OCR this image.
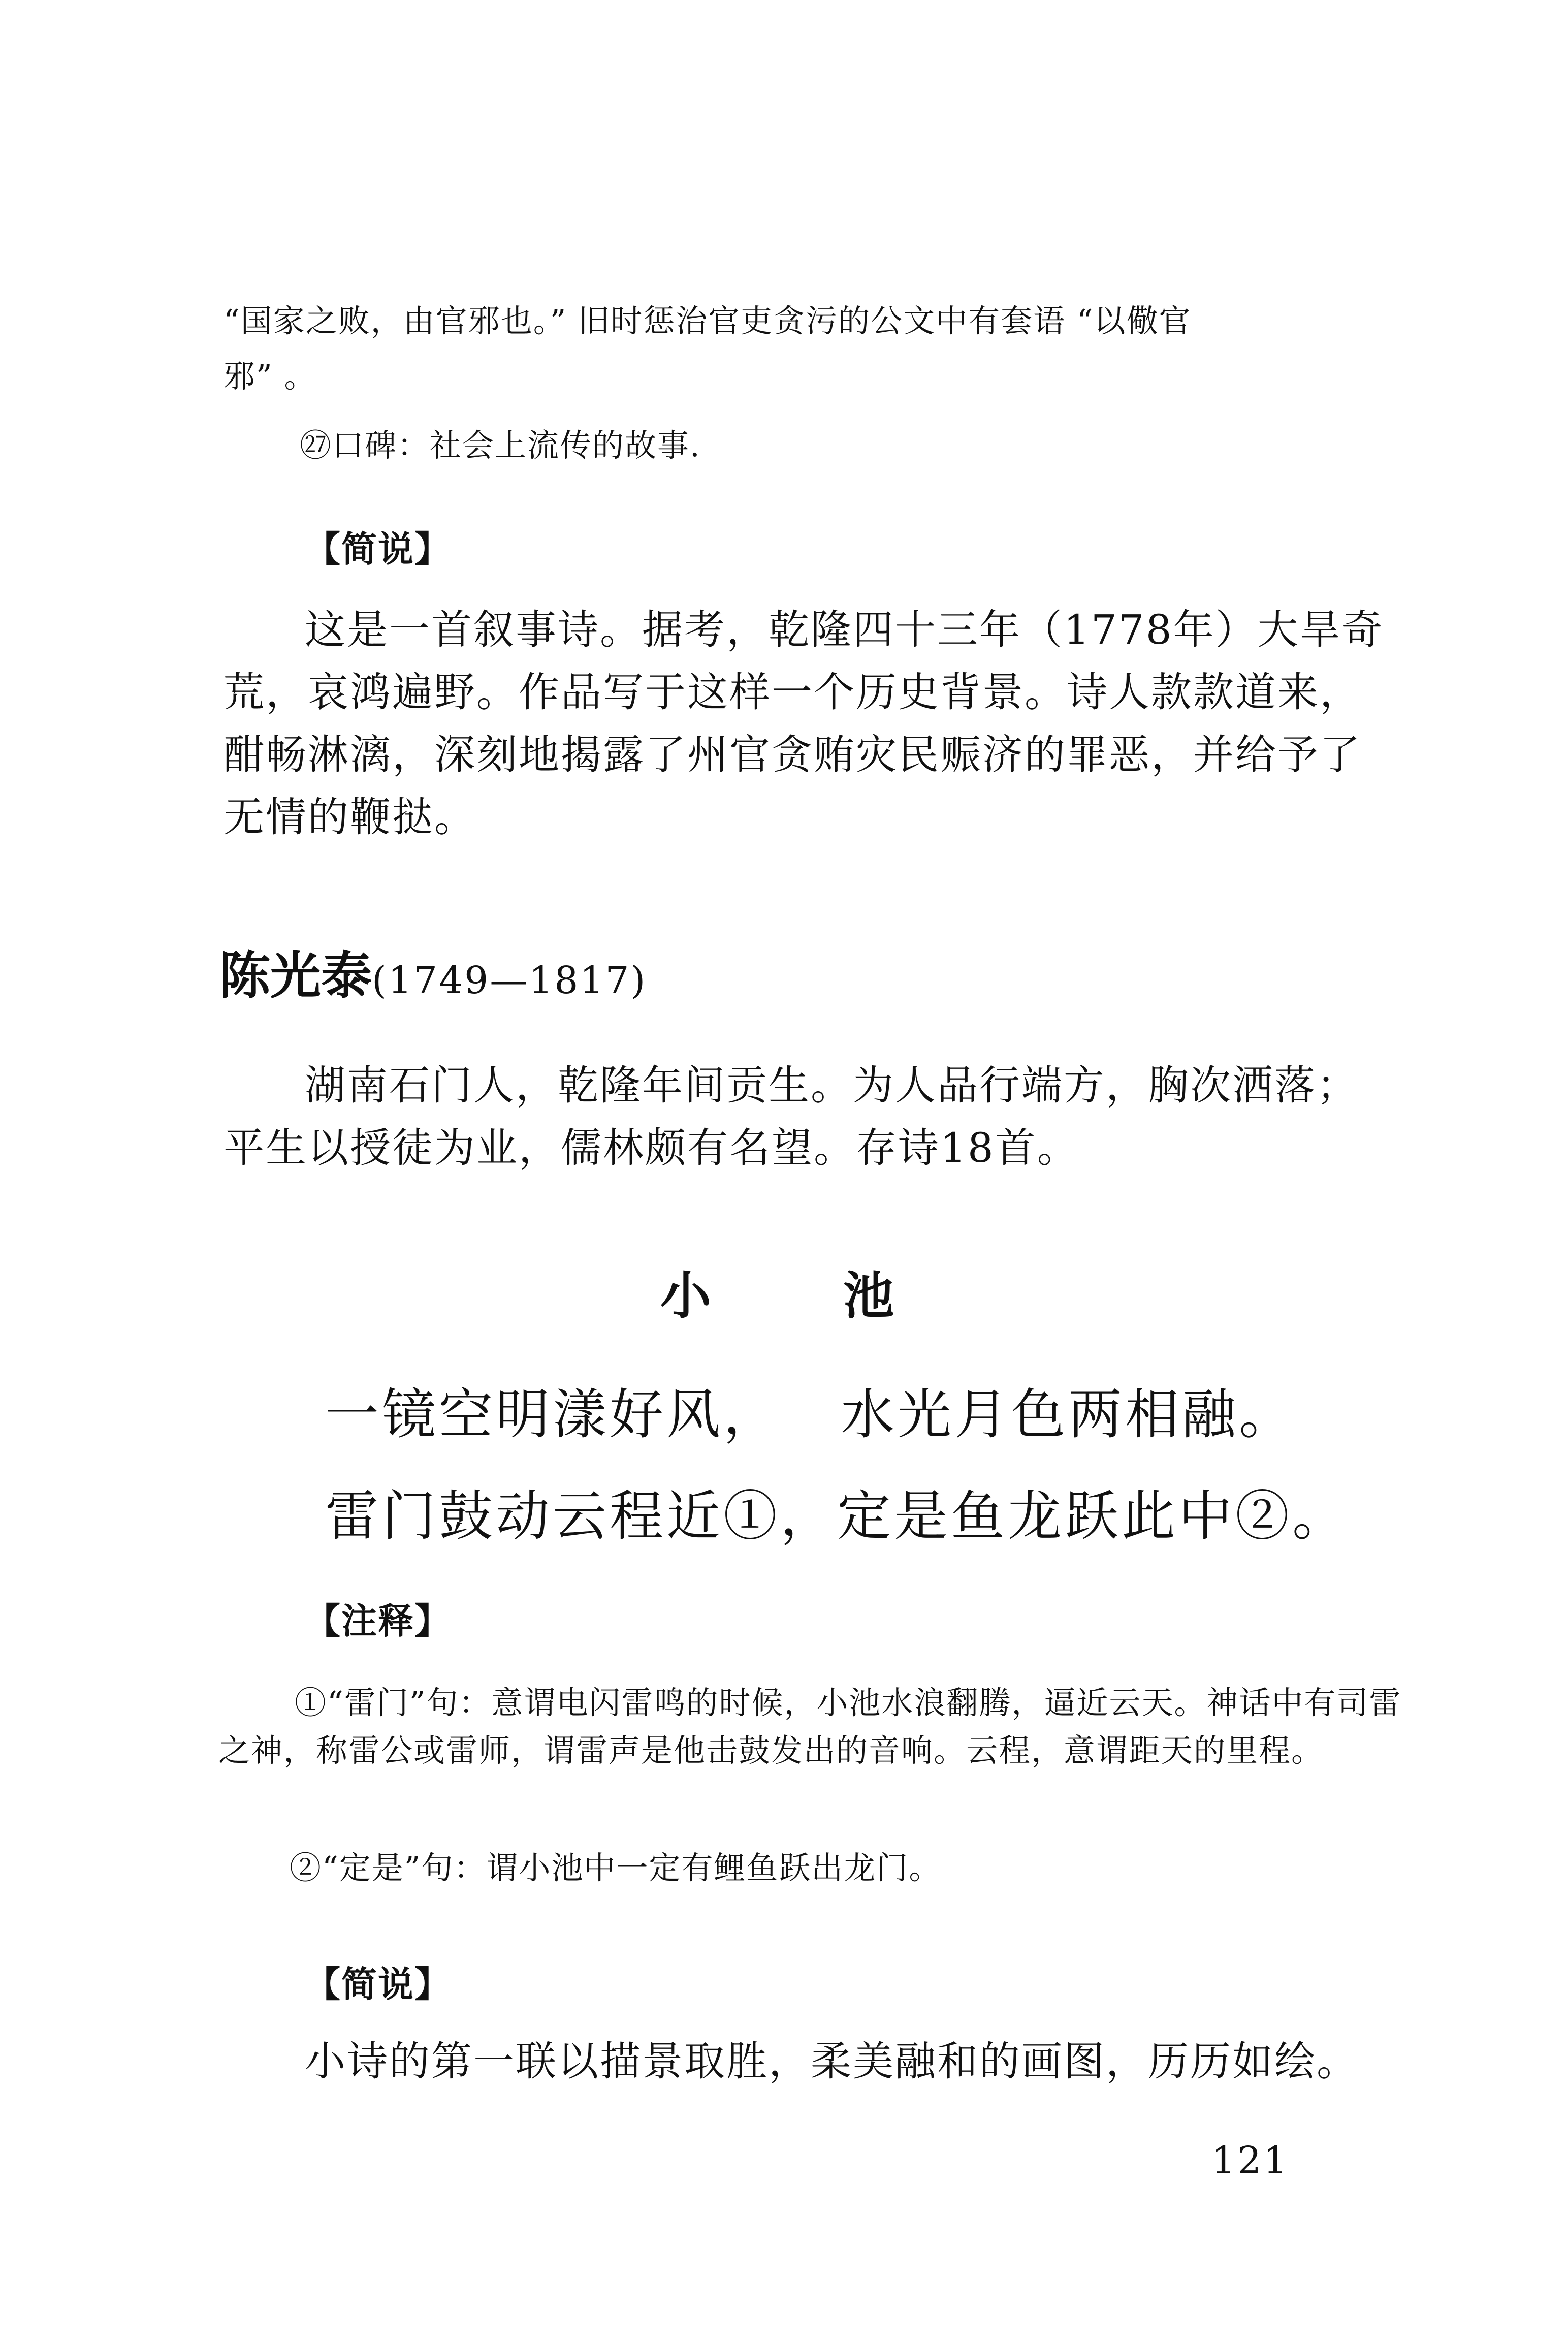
“国家之败，由官邪也。” 旧时惩治官吏贪污的公文中有套语 “以儆官

邪” 。

㉗口碑：社会上流传的故事.

【简说】

这是一首叙事诗。据考，乾隆四十三年（1778年）大旱奇荒，哀鸿遍野。作品写于这样一个历史背景。诗人款款道来，酣畅淋漓，深刻地揭露了州官贪贿灾民赈济的罪恶，并给予了无情的鞭挞。

陈光泰(1749—1817)

湖南石门人，乾隆年间贡生。为人品行端方，胸次洒落；平生以授徒为业，儒林颇有名望。存诗18首。

小池

一镜空明漾好风，   水光月色两相融。

雷门鼓动云程近①，定是鱼龙跃此中②。

【注释】

①“雷门”句：意谓电闪雷鸣的时候，小池水浪翻腾，逼近云天。神话中有司雷之神，称雷公或雷师，谓雷声是他击鼓发出的音响。云程，意谓距天的里程。

②“定是”句：谓小池中一定有鲤鱼跃出龙门。

【简说】

小诗的第一联以描景取胜，柔美融和的画图，历历如绘。

121
